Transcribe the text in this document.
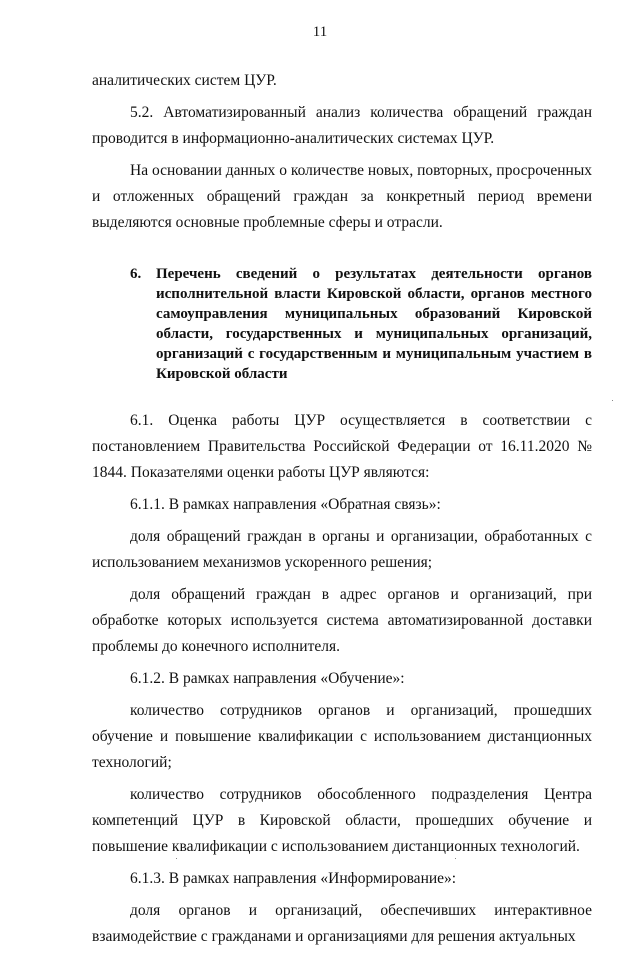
11

аналитических систем ЦУР.

5.2. Автоматизированный анализ количества обращений граждан проводится в информационно-аналитических системах ЦУР.

На основании данных о количестве новых, повторных, просроченных и отложенных обращений граждан за конкретный период времени выделяются основные проблемные сферы и отрасли.

6. Перечень сведений о результатах деятельности органов исполнительной власти Кировской области, органов местного самоуправления муниципальных образований Кировской области, государственных и муниципальных организаций, организаций с государственным и муниципальным участием в Кировской области

6.1. Оценка работы ЦУР осуществляется в соответствии с постановлением Правительства Российской Федерации от 16.11.2020 № 1844. Показателями оценки работы ЦУР являются:

6.1.1. В рамках направления «Обратная связь»:

доля обращений граждан в органы и организации, обработанных с использованием механизмов ускоренного решения;

доля обращений граждан в адрес органов и организаций, при обработке которых используется система автоматизированной доставки проблемы до конечного исполнителя.

6.1.2. В рамках направления «Обучение»:

количество сотрудников органов и организаций, прошедших обучение и повышение квалификации с использованием дистанционных технологий;

количество сотрудников обособленного подразделения Центра компетенций ЦУР в Кировской области, прошедших обучение и повышение квалификации с использованием дистанционных технологий.

6.1.3. В рамках направления «Информирование»:

доля органов и организаций, обеспечивших интерактивное взаимодействие с гражданами и организациями для решения актуальных
